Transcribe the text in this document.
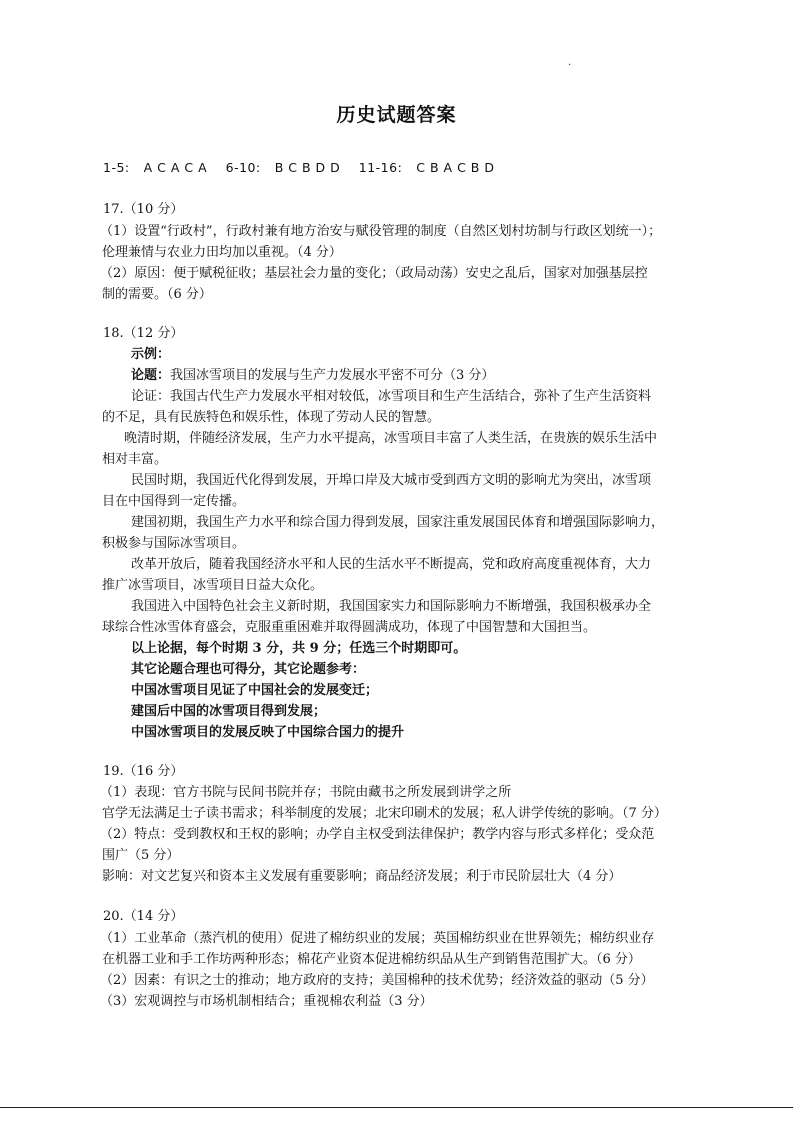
·
历史试题答案
1-5: A C A C A 6-10: B C B D D 11-16: C B A C B D
17.（10 分）
（1）设置“行政村”，行政村兼有地方治安与赋役管理的制度（自然区划村坊制与行政区划统一）；
伦理兼情与农业力田均加以重视。（4 分）
（2）原因：便于赋税征收；基层社会力量的变化；（政局动荡）安史之乱后，国家对加强基层控
制的需要。（6 分）
18.（12 分）
示例：
论题：我国冰雪项目的发展与生产力发展水平密不可分（3 分）
论证：我国古代生产力发展水平相对较低，冰雪项目和生产生活结合，弥补了生产生活资料
的不足，具有民族特色和娱乐性，体现了劳动人民的智慧。
晚清时期，伴随经济发展，生产力水平提高，冰雪项目丰富了人类生活，在贵族的娱乐生活中
相对丰富。
民国时期，我国近代化得到发展，开埠口岸及大城市受到西方文明的影响尤为突出，冰雪项
目在中国得到一定传播。
建国初期，我国生产力水平和综合国力得到发展，国家注重发展国民体育和增强国际影响力，
积极参与国际冰雪项目。
改革开放后，随着我国经济水平和人民的生活水平不断提高，党和政府高度重视体育，大力
推广冰雪项目，冰雪项目日益大众化。
我国进入中国特色社会主义新时期，我国国家实力和国际影响力不断增强，我国积极承办全
球综合性冰雪体育盛会，克服重重困难并取得圆满成功，体现了中国智慧和大国担当。
以上论据，每个时期 3 分，共 9 分；任选三个时期即可。
其它论题合理也可得分，其它论题参考：
中国冰雪项目见证了中国社会的发展变迁；
建国后中国的冰雪项目得到发展；
中国冰雪项目的发展反映了中国综合国力的提升
19.（16 分）
（1）表现：官方书院与民间书院并存；书院由藏书之所发展到讲学之所
官学无法满足士子读书需求；科举制度的发展；北宋印刷术的发展；私人讲学传统的影响。（7 分）
（2）特点：受到教权和王权的影响；办学自主权受到法律保护；教学内容与形式多样化；受众范
围广（5 分）
影响：对文艺复兴和资本主义发展有重要影响；商品经济发展；利于市民阶层壮大（4 分）
20.（14 分）
（1）工业革命（蒸汽机的使用）促进了棉纺织业的发展；英国棉纺织业在世界领先；棉纺织业存
在机器工业和手工作坊两种形态；棉花产业资本促进棉纺织品从生产到销售范围扩大。（6 分）
（2）因素：有识之士的推动；地方政府的支持；美国棉种的技术优势；经济效益的驱动（5 分）
（3）宏观调控与市场机制相结合；重视棉农利益（3 分）
